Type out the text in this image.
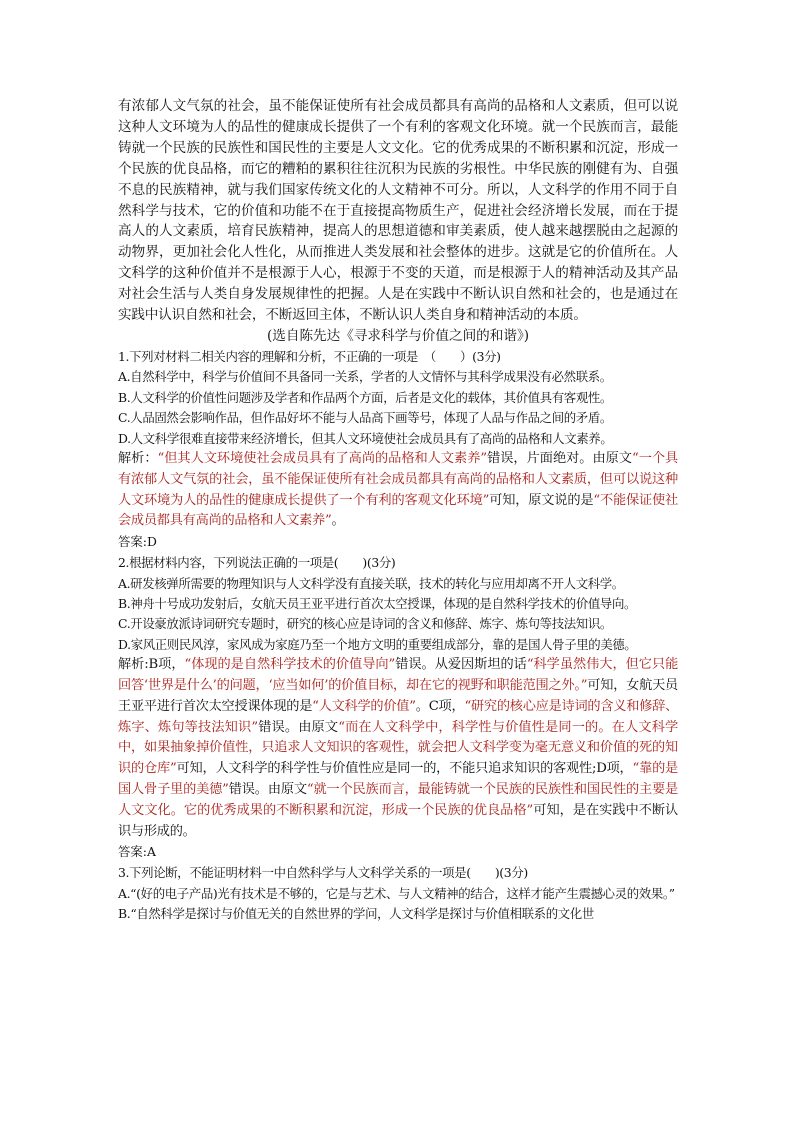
有浓郁人文气氛的社会，虽不能保证使所有社会成员都具有高尚的品格和人文素质，但可以说这种人文环境为人的品性的健康成长提供了一个有利的客观文化环境。就一个民族而言，最能铸就一个民族的民族性和国民性的主要是人文文化。它的优秀成果的不断积累和沉淀，形成一个民族的优良品格，而它的糟粕的累积往往沉积为民族的劣根性。中华民族的刚健有为、自强不息的民族精神，就与我们国家传统文化的人文精神不可分。所以，人文科学的作用不同于自然科学与技术，它的价值和功能不在于直接提高物质生产，促进社会经济增长发展，而在于提高人的人文素质，培育民族精神，提高人的思想道德和审美素质，使人越来越摆脱由之起源的动物界，更加社会化人性化，从而推进人类发展和社会整体的进步。这就是它的价值所在。人文科学的这种价值并不是根源于人心，根源于不变的天道，而是根源于人的精神活动及其产品对社会生活与人类自身发展规律性的把握。人是在实践中不断认识自然和社会的，也是通过在实践中认识自然和社会，不断返回主体，不断认识人类自身和精神活动的本质。

(选自陈先达《寻求科学与价值之间的和谐》)

1.下列对材料二相关内容的理解和分析，不正确的一项是　（　　）(3分)

A.自然科学中，科学与价值间不具备同一关系，学者的人文情怀与其科学成果没有必然联系。

B.人文科学的价值性问题涉及学者和作品两个方面，后者是文化的载体，其价值具有客观性。

C.人品固然会影响作品，但作品好坏不能与人品高下画等号，体现了人品与作品之间的矛盾。

D.人文科学很难直接带来经济增长，但其人文环境使社会成员具有了高尚的品格和人文素养。

解析：“但其人文环境使社会成员具有了高尚的品格和人文素养”错误，片面绝对。由原文“一个具有浓郁人文气氛的社会，虽不能保证使所有社会成员都具有高尚的品格和人文素质，但可以说这种人文环境为人的品性的健康成长提供了一个有利的客观文化环境”可知，原文说的是“不能保证使社会成员都具有高尚的品格和人文素养”。

答案:D

2.根据材料内容，下列说法正确的一项是(　　)(3分)

A.研发核弹所需要的物理知识与人文科学没有直接关联，技术的转化与应用却离不开人文科学。

B.神舟十号成功发射后，女航天员王亚平进行首次太空授课，体现的是自然科学技术的价值导向。

C.开设豪放派诗词研究专题时，研究的核心应是诗词的含义和修辞、炼字、炼句等技法知识。

D.家风正则民风淳，家风成为家庭乃至一个地方文明的重要组成部分，靠的是国人骨子里的美德。

解析:B项，“体现的是自然科学技术的价值导向”错误。从爱因斯坦的话“科学虽然伟大，但它只能回答‘世界是什么’的问题，‘应当如何’的价值目标，却在它的视野和职能范围之外。”可知，女航天员王亚平进行首次太空授课体现的是“人文科学的价值”。C项，“研究的核心应是诗词的含义和修辞、炼字、炼句等技法知识”错误。由原文“而在人文科学中，科学性与价值性是同一的。在人文科学中，如果抽象掉价值性，只追求人文知识的客观性，就会把人文科学变为毫无意义和价值的死的知识的仓库”可知，人文科学的科学性与价值性应是同一的，不能只追求知识的客观性;D项，“靠的是国人骨子里的美德”错误。由原文“就一个民族而言，最能铸就一个民族的民族性和国民性的主要是人文文化。它的优秀成果的不断积累和沉淀，形成一个民族的优良品格”可知，是在实践中不断认识与形成的。

答案:A

3.下列论断，不能证明材料一中自然科学与人文科学关系的一项是(　　)(3分)

A.“(好的电子产品)光有技术是不够的，它是与艺术、与人文精神的结合，这样才能产生震撼心灵的效果。”

B.“自然科学是探讨与价值无关的自然世界的学问，人文科学是探讨与价值相联系的文化世
